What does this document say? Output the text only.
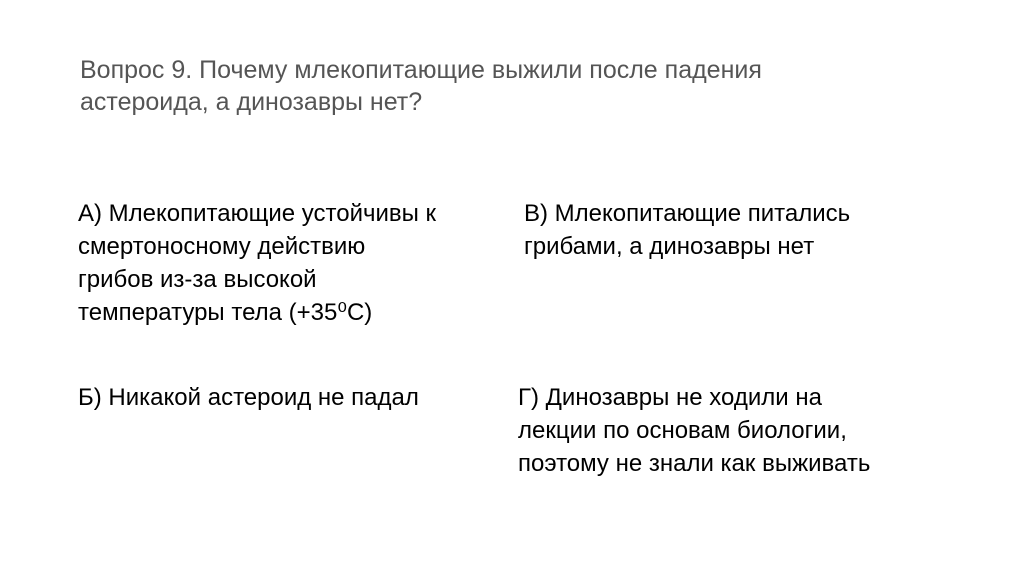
Вопрос 9. Почему млекопитающие выжили после падения
астероида, а динозавры нет?
А) Млекопитающие устойчивы к
смертоносному действию
грибов из-за высокой
температуры тела (+35⁰С)
В) Млекопитающие питались
грибами, а динозавры нет
Б) Никакой астероид не падал	Г) Динозавры не ходили на
лекции по основам биологии,
поэтому не знали как выживать
